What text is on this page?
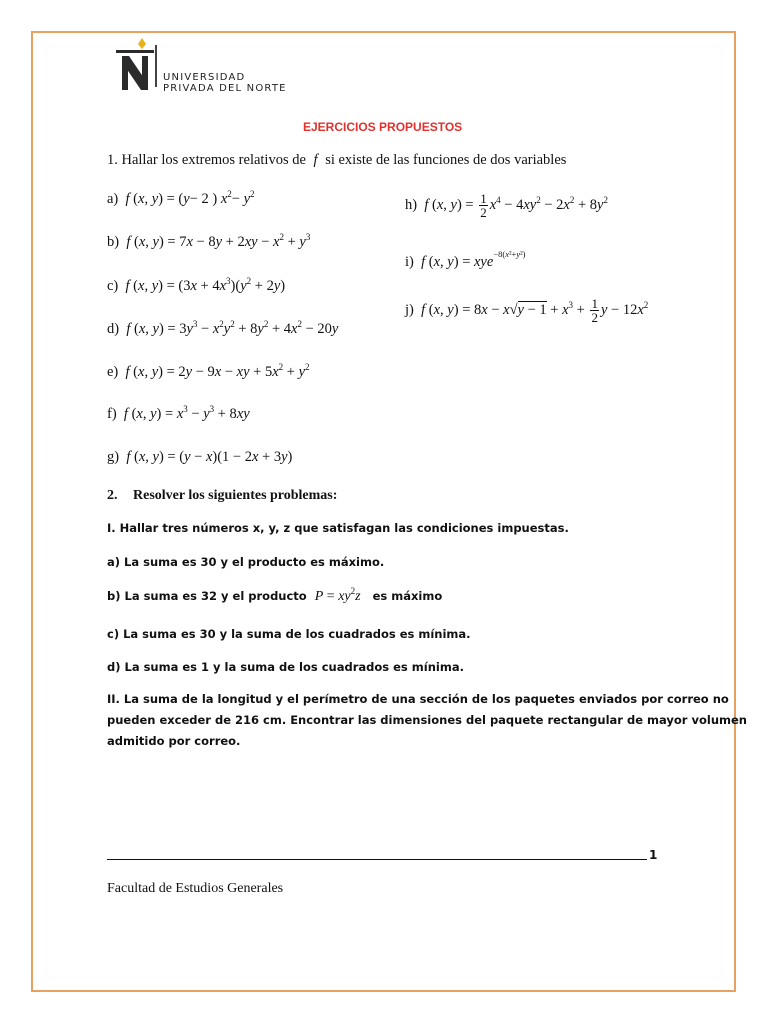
UNIVERSIDAD
PRIVADA DEL NORTE
EJERCICIOS PROPUESTOS
1. Hallar los extremos relativos de f si existe de las funciones de dos variables
a) f (x, y) = (y− 2 ) $x^2- y^2$
b) f (x, $y) = 7x - 8y + 2xy - x^2 + y^3$
c) f (x, $y) = (3x + 4x^3)(y^2 + 2y)$
d) f (x, $y) = 3y^3 - x^2y^2 + 8y^2 + 4x^2 - 20y$
e) f (x, y) = 2y − 9x − xy + $5x^2 + y^2$
f) f (x, $y) = x^3 - y^3 + 8xy$
g) f (x, y) = (y − x)(1 − 2x + 3y)
h) f (x, $y) = \frac{1}{2} x^4 - 4xy^2 - 2x^2 + 8y^2$
i) f (x, y) = xye$^{-8(x^2+y^2)}$
j) f (x, $y) = 8x - x√y - 1 + x^3 + \frac{1}{2}$ $y - 12x^2$
2. Resolver los siguientes problemas:
I. Hallar tres números x, y, z que satisfagan las condiciones impuestas.
a) La suma es 30 y el producto es máximo.
b) La suma es 32 y el producto $P = xy^2z$ es máximo
c) La suma es 30 y la suma de los cuadrados es mínima.
d) La suma es 1 y la suma de los cuadrados es mínima.
II. La suma de la longitud y el perímetro de una sección de los paquetes enviados por correo no
pueden exceder de 216 cm. Encontrar las dimensiones del paquete rectangular de mayor volumen
admitido por correo.
1
Facultad de Estudios Generales
